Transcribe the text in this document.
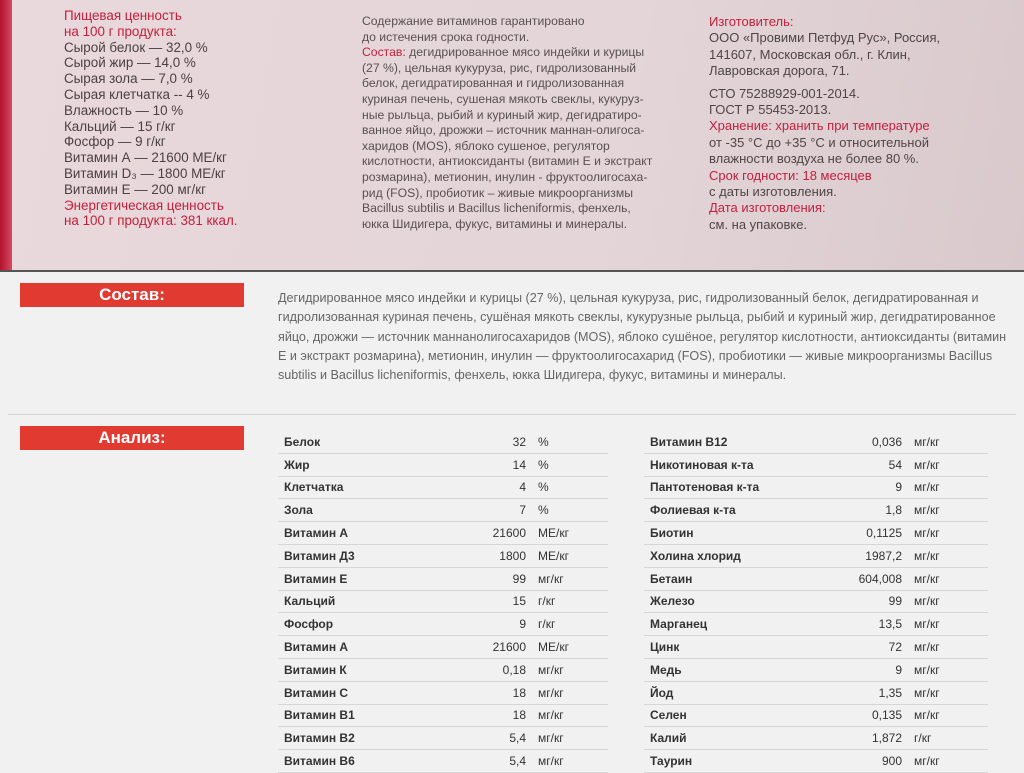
Пищевая ценность
на 100 г продукта:
Сырой белок — 32,0 %
Сырой жир — 14,0 %
Сырая зола — 7,0 %
Сырая клетчатка -- 4 %
Влажность — 10 %
Кальций — 15 г/кг
Фосфор — 9 г/кг
Витамин А — 21600 МЕ/кг
Витамин D₃ — 1800 МЕ/кг
Витамин Е — 200 мг/кг
Энергетическая ценность
на 100 г продукта: 381 ккал.
Содержание витаминов гарантировано
до истечения срока годности.
Состав: дегидрированное мясо индейки и курицы
(27 %), цельная кукуруза, рис, гидролизованный
белок, дегидратированная и гидролизованная
куриная печень, сушеная мякоть свеклы, кукуруз-
ные рыльца, рыбий и куриный жир, дегидратиро-
ванное яйцо, дрожжи – источник маннан-олигоса-
харидов (MOS), яблоко сушеное, регулятор
кислотности, антиоксиданты (витамин Е и экстракт
розмарина), метионин, инулин - фруктоолигосаха-
рид (FOS), пробиотик – живые микроорганизмы
Bacillus subtilis и Bacillus licheniformis, фенхель,
юкка Шидигера, фукус, витамины и минералы.
Изготовитель:
ООО «Провими Петфуд Рус», Россия,
141607, Московская обл., г. Клин,
Лавровская дорога, 71.
СТО 75288929-001-2014.
ГОСТ Р 55453-2013.
Хранение: хранить при температуре
от -35 °С до +35 °С и относительной
влажности воздуха не более 80 %.
Срок годности: 18 месяцев
с даты изготовления.
Дата изготовления:
см. на упаковке.
Состав:	Дегидрированное мясо индейки и курицы (27 %), цельная кукуруза, рис, гидролизованный белок, дегидратированная и гидролизованная куриная печень, сушёная мякоть свеклы, кукурузные рыльца, рыбий и куриный жир, дегидратированное яйцо, дрожжи — источник маннанолигосахаридов (MOS), яблоко сушёное, регулятор кислотности, антиоксиданты (витамин Е и экстракт розмарина), метионин, инулин — фруктоолигосахарид (FOS), пробиотики — живые микроорганизмы Bacillus subtilis и Bacillus licheniformis, фенхель, юкка Шидигера, фукус, витамины и минералы.
Анализ:	Белок	32	%
Жир	14	%
Клетчатка	4	%
Зола	7	%
Витамин А	21600	МЕ/кг
Витамин Д3	1800	МЕ/кг
Витамин Е	99	мг/кг
Кальций	15	г/кг
Фосфор	9	г/кг
Витамин А	21600	МЕ/кг
Витамин К	0,18	мг/кг
Витамин С	18	мг/кг
Витамин В1	18	мг/кг
Витамин В2	5,4	мг/кг
Витамин В6	5,4	мг/кг
Витамин В12	0,036	мг/кг
Никотиновая к-та	54	мг/кг
Пантотеновая к-та	9	мг/кг
Фолиевая к-та	1,8	мг/кг
Биотин	0,1125	мг/кг
Холина хлорид	1987,2	мг/кг
Бетаин	604,008	мг/кг
Железо	99	мг/кг
Марганец	13,5	мг/кг
Цинк	72	мг/кг
Медь	9	мг/кг
Йод	1,35	мг/кг
Селен	0,135	мг/кг
Калий	1,872	г/кг
Таурин	900	мг/кг
